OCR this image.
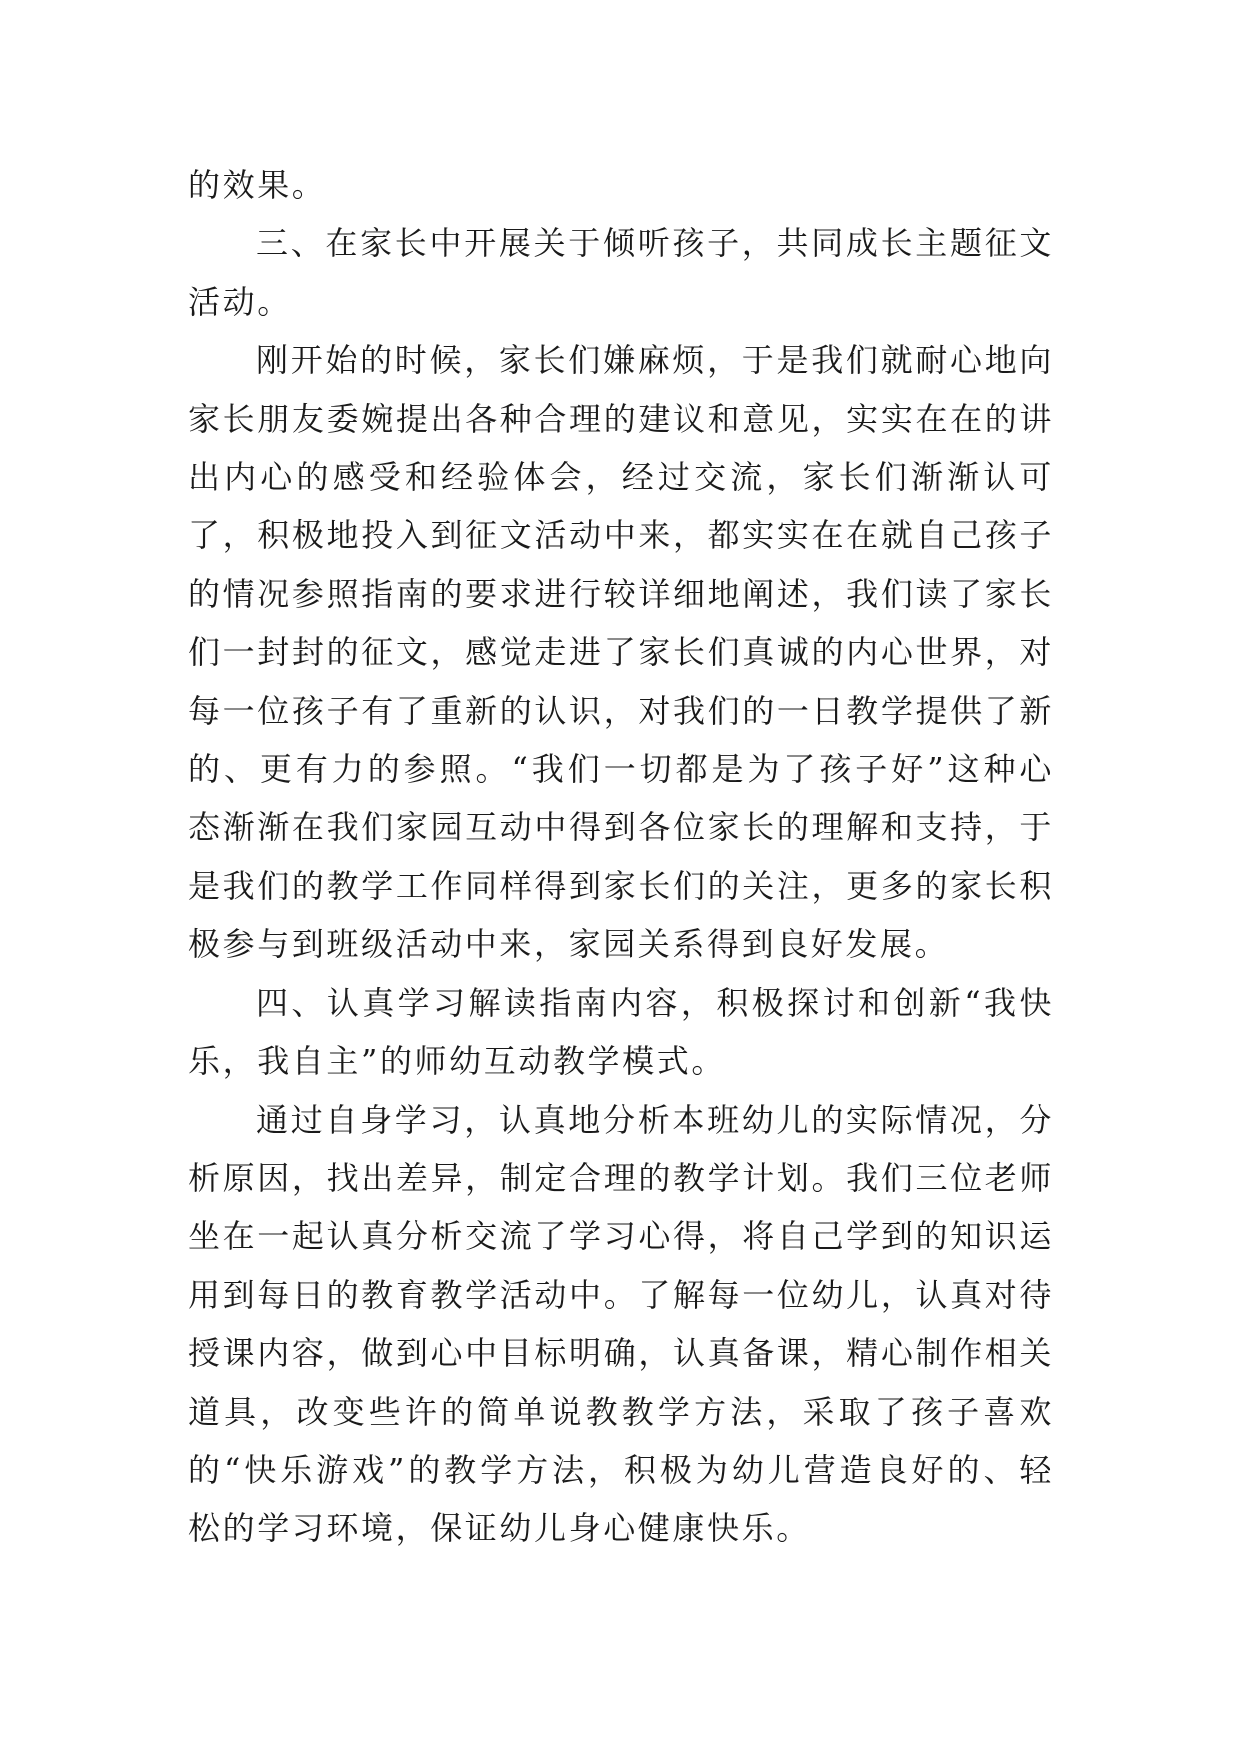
的效果。

三、在家长中开展关于倾听孩子，共同成长主题征文活动。

刚开始的时候，家长们嫌麻烦，于是我们就耐心地向家长朋友委婉提出各种合理的建议和意见，实实在在的讲出内心的感受和经验体会，经过交流，家长们渐渐认可了，积极地投入到征文活动中来，都实实在在就自己孩子的情况参照指南的要求进行较详细地阐述，我们读了家长们一封封的征文，感觉走进了家长们真诚的内心世界，对每一位孩子有了重新的认识，对我们的一日教学提供了新的、更有力的参照。“我们一切都是为了孩子好”这种心态渐渐在我们家园互动中得到各位家长的理解和支持，于是我们的教学工作同样得到家长们的关注，更多的家长积极参与到班级活动中来，家园关系得到良好发展。

四、认真学习解读指南内容，积极探讨和创新“我快乐，我自主”的师幼互动教学模式。

通过自身学习，认真地分析本班幼儿的实际情况，分析原因，找出差异，制定合理的教学计划。我们三位老师坐在一起认真分析交流了学习心得，将自己学到的知识运用到每日的教育教学活动中。了解每一位幼儿，认真对待授课内容，做到心中目标明确，认真备课，精心制作相关道具，改变些许的简单说教教学方法，采取了孩子喜欢的“快乐游戏”的教学方法，积极为幼儿营造良好的、轻松的学习环境，保证幼儿身心健康快乐。
